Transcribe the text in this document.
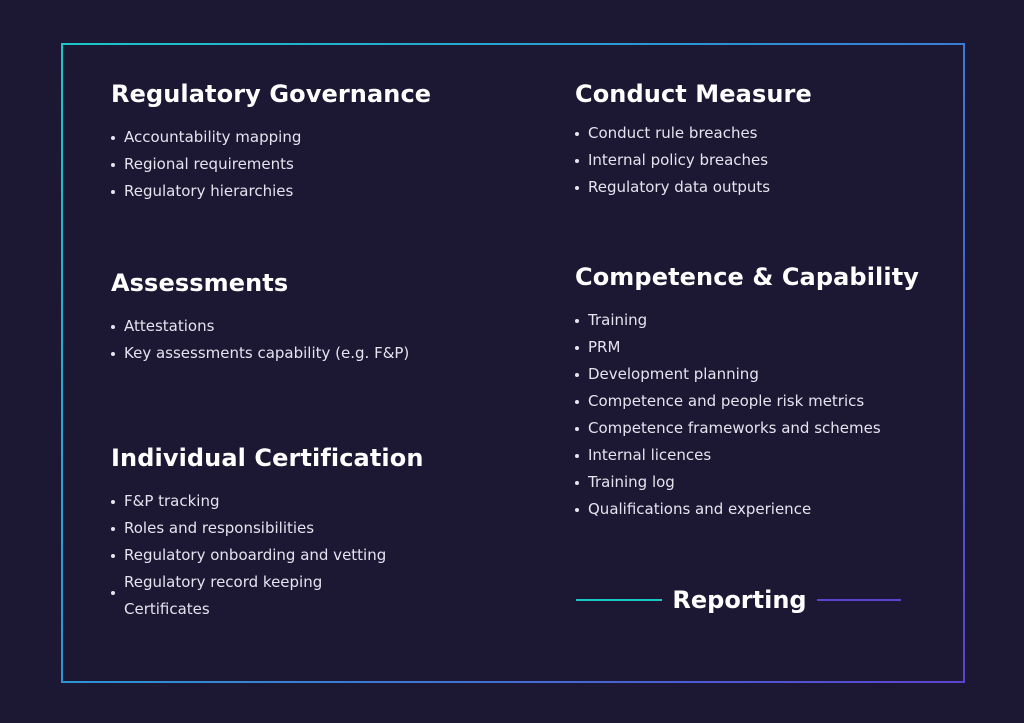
Regulatory Governance
Accountability mapping
Regional requirements
Regulatory hierarchies
Assessments
Attestations
Key assessments capability (e.g. F&P)
Individual Certification
F&P tracking
Roles and responsibilities
Regulatory onboarding and vetting
Regulatory record keeping
Certificates
Conduct Measure
Conduct rule breaches
Internal policy breaches
Regulatory data outputs
Competence & Capability
Training
PRM
Development planning
Competence and people risk metrics
Competence frameworks and schemes
Internal licences
Training log
Qualifications and experience
Reporting
